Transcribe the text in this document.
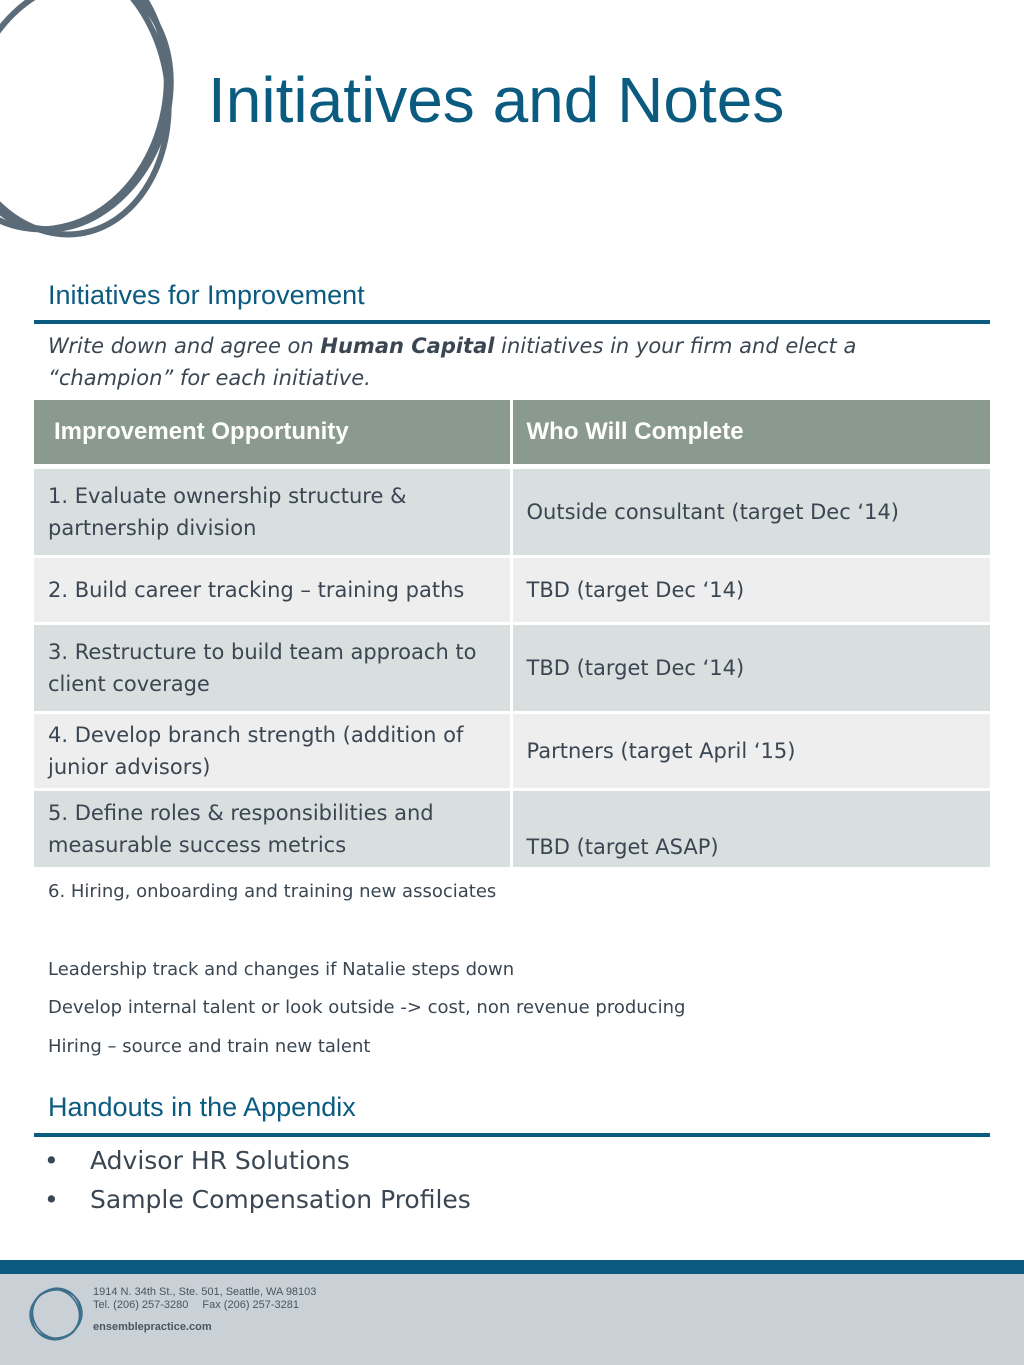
Initiatives and Notes
Initiatives for Improvement
Write down and agree on Human Capital initiatives in your firm and elect a “champion” for each initiative.
Improvement Opportunity	Who Will Complete
1. Evaluate ownership structure & partnership division	Outside consultant (target Dec ‘14)
2. Build career tracking – training paths	TBD (target Dec ‘14)
3. Restructure to build team approach to client coverage	TBD (target Dec ‘14)
4. Develop branch strength (addition of junior advisors)	Partners (target April ‘15)
5. Define roles & responsibilities and measurable success metrics	TBD (target ASAP)

6. Hiring, onboarding and training new associates

Leadership track and changes if Natalie steps down

Develop internal talent or look outside -> cost, non revenue producing

Hiring – source and train new talent

Handouts in the Appendix
•	Advisor HR Solutions
•	Sample Compensation Profiles
1914 N. 34th St., Ste. 501, Seattle, WA 98103
Tel. (206) 257-3280 Fax (206) 257-3281
ensemblepractice.com
